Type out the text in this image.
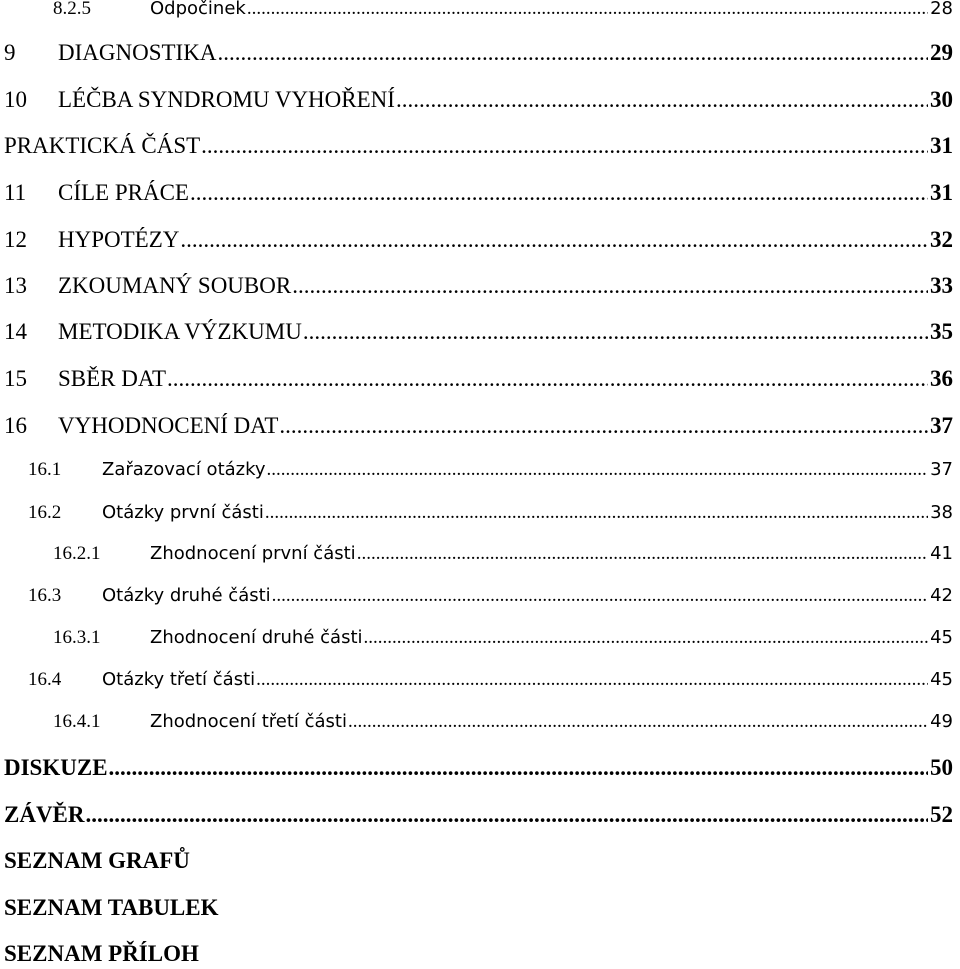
8.2.5	Odpočinek .....	28
9	DIAGNOSTIKA .....	29
10	LÉČBA SYNDROMU VYHOŘENÍ .....	30
PRAKTICKÁ ČÁST .....	31
11	CÍLE PRÁCE .....	31
12	HYPOTÉZY .....	32
13	ZKOUMANÝ SOUBOR .....	33
14	METODIKA VÝZKUMU .....	35
15	SBĚR DAT .....	36
16	VYHODNOCENÍ DAT .....	37
16.1	Zařazovací otázky .....	37
16.2	Otázky první části .....	38
16.2.1	Zhodnocení první části .....	41
16.3	Otázky druhé části .....	42
16.3.1	Zhodnocení druhé části .....	45
16.4	Otázky třetí části .....	45
16.4.1	Zhodnocení třetí části .....	49
DISKUZE .....	50
ZÁVĚR .....	52
SEZNAM GRAFŮ
SEZNAM TABULEK
SEZNAM PŘÍLOH
